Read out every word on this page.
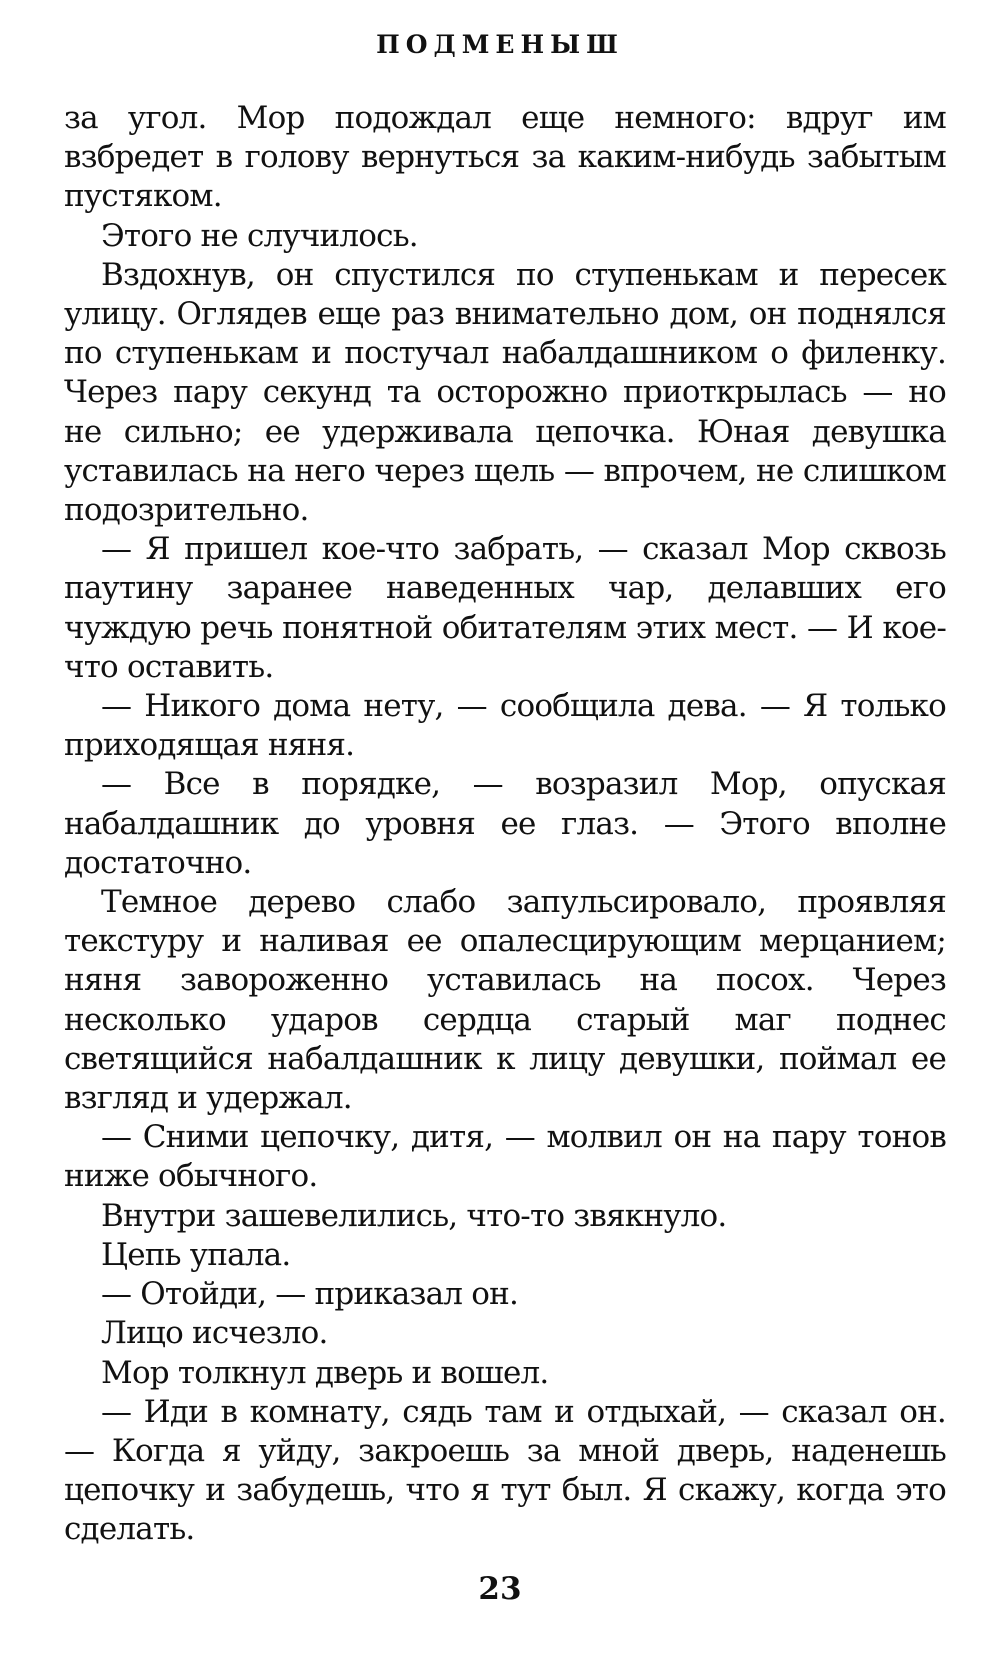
ПОДМЕНЫШ

за угол. Мор подождал еще немного: вдруг им взбредет в голову вернуться за каким-нибудь забытым пустяком.

Этого не случилось.

Вздохнув, он спустился по ступенькам и пересек улицу. Оглядев еще раз внимательно дом, он поднялся по ступенькам и постучал набалдашником о филенку. Через пару секунд та осторожно приоткрылась — но не сильно; ее удерживала цепочка. Юная девушка уставилась на него через щель — впрочем, не слишком подозрительно.

— Я пришел кое-что забрать, — сказал Мор сквозь паутину заранее наведенных чар, делавших его чуждую речь понятной обитателям этих мест. — И кое-что оставить.

— Никого дома нету, — сообщила дева. — Я только приходящая няня.

— Все в порядке, — возразил Мор, опуская набалдашник до уровня ее глаз. — Этого вполне достаточно.

Темное дерево слабо запульсировало, проявляя текстуру и наливая ее опалесцирующим мерцанием; няня завороженно уставилась на посох. Через несколько ударов сердца старый маг поднес светящийся набалдашник к лицу девушки, поймал ее взгляд и удержал.

— Сними цепочку, дитя, — молвил он на пару тонов ниже обычного.

Внутри зашевелились, что-то звякнуло.

Цепь упала.

— Отойди, — приказал он.

Лицо исчезло.

Мор толкнул дверь и вошел.

— Иди в комнату, сядь там и отдыхай, — сказал он. — Когда я уйду, закроешь за мной дверь, наденешь цепочку и забудешь, что я тут был. Я скажу, когда это сделать.

23
